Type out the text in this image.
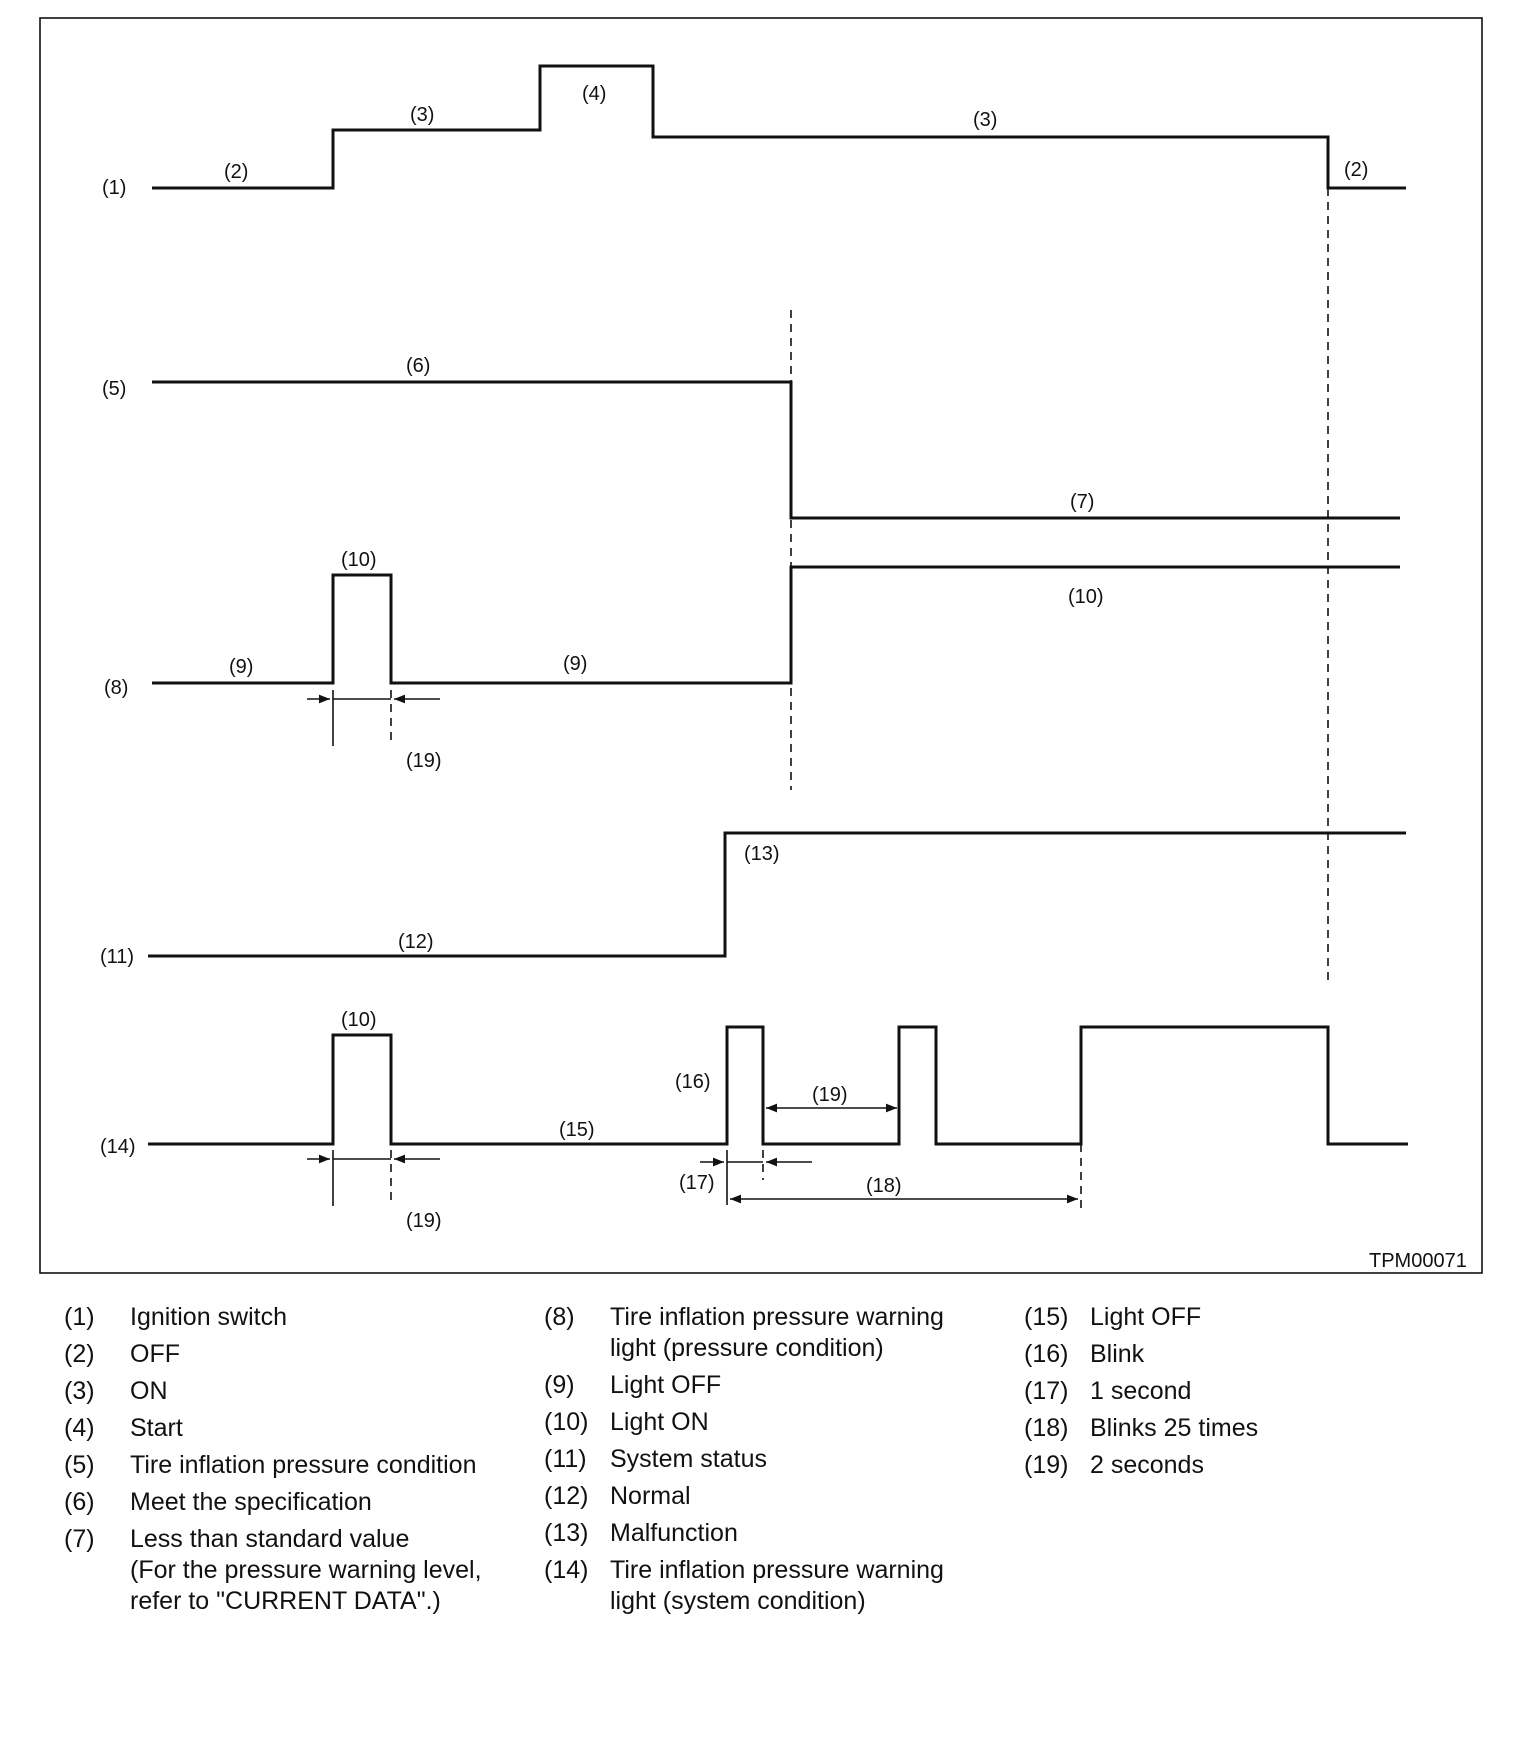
(1)
(2)
(3)
(4)
(3)
(2)
(5)
(6)
(7)
(8)
(9)
(10)
(9)
(10)
(19)
(11)
(12)
(13)
(14)
(10)
(15)
(16)
(19)
(19)
(17)	(18)
TPM00071
(1) Ignition switch
(2) OFF
(3) ON
(4) Start
(5) Tire inflation pressure condition
(6) Meet the specification
(7) Less than standard value
(For the pressure warning level,
refer to "CURRENT DATA".)
(8) Tire inflation pressure warning
light (pressure condition)
(9) Light OFF
(10) Light ON
(11) System status
(12) Normal
(13) Malfunction
(14) Tire inflation pressure warning
light (system condition)
(15) Light OFF
(16) Blink
(17) 1 second
(18) Blinks 25 times
(19) 2 seconds
